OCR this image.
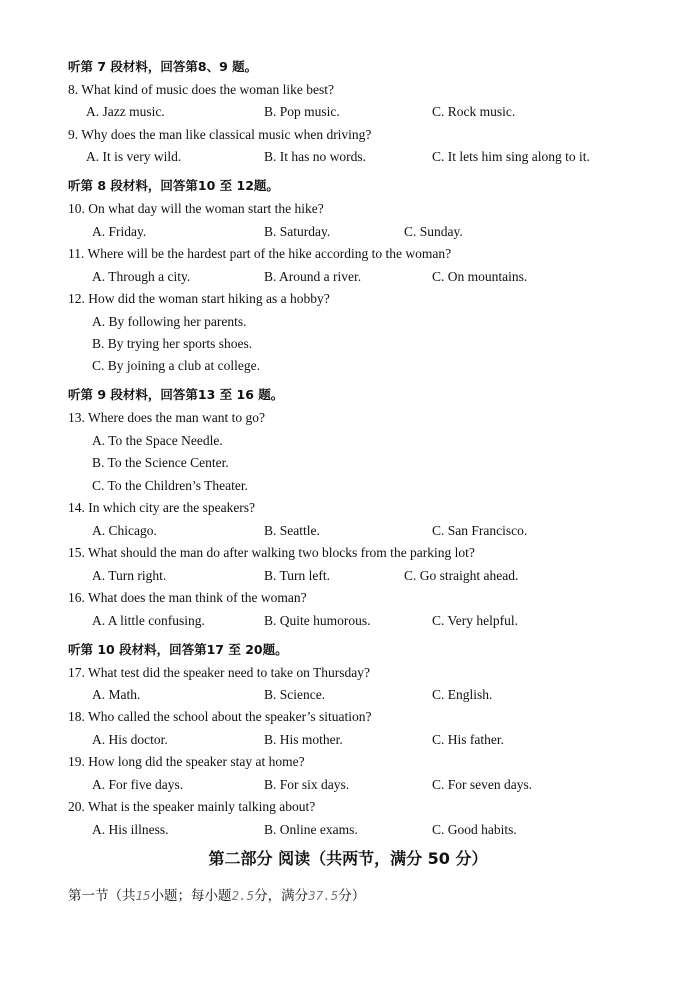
听第 7 段材料，回答第8、9 题。
8. What kind of music does the woman like best?
A. Jazz music.	B. Pop music.	C. Rock music.
9. Why does the man like classical music when driving?
A. It is very wild.	B. It has no words.	C. It lets him sing along to it.
听第 8 段材料，回答第10 至 12题。
10. On what day will the woman start the hike?
A. Friday.	B. Saturday.	C. Sunday.
11. Where will be the hardest part of the hike according to the woman?
A. Through a city.	B. Around a river.	C. On mountains.
12. How did the woman start hiking as a hobby?
A. By following her parents.
B. By trying her sports shoes.
C. By joining a club at college.
听第 9 段材料，回答第13 至 16 题。
13. Where does the man want to go?
A. To the Space Needle.
B. To the Science Center.
C. To the Children’s Theater.
14. In which city are the speakers?
A. Chicago.	B. Seattle.	C. San Francisco.
15. What should the man do after walking two blocks from the parking lot?
A. Turn right.	B. Turn left.	C. Go straight ahead.
16. What does the man think of the woman?
A. A little confusing.	B. Quite humorous.	C. Very helpful.
听第 10 段材料，回答第17 至 20题。
17. What test did the speaker need to take on Thursday?
A. Math.	B. Science.	C. English.
18. Who called the school about the speaker’s situation?
A. His doctor.	B. His mother.	C. His father.
19. How long did the speaker stay at home?
A. For five days.	B. For six days.	C. For seven days.
20. What is the speaker mainly talking about?
A. His illness.	B. Online exams.	C. Good habits.
第二部分 阅读（共两节，满分 50 分）
第一节（共15小题；每小题2.5分，满分37.5分）
